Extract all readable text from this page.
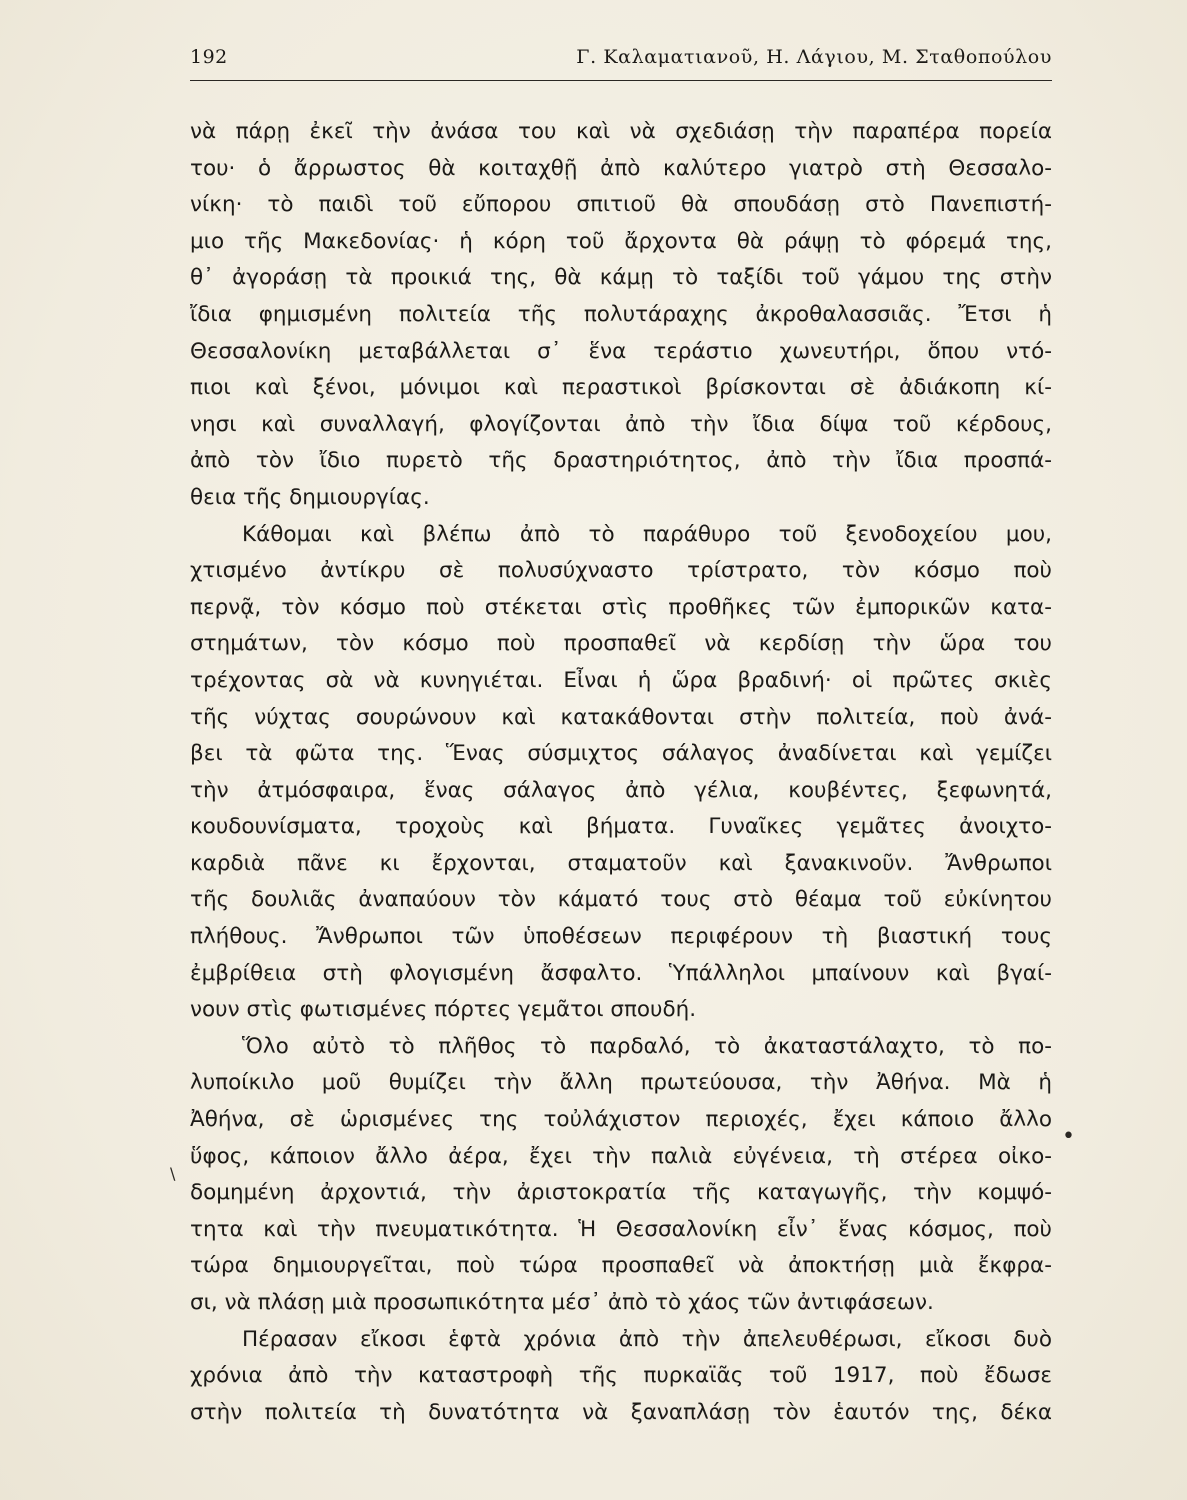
192	Γ. Καλαματιανοῦ, Η. Λάγιου, Μ. Σταθοπούλου
νὰ πάρῃ ἐκεῖ τὴν ἀνάσα του καὶ νὰ σχεδιάσῃ τὴν παραπέρα πορεία
του· ὁ ἄρρωστος θὰ κοιταχθῇ ἀπὸ καλύτερο γιατρὸ στὴ Θεσσαλο-
νίκη· τὸ παιδὶ τοῦ εὔπορου σπιτιοῦ θὰ σπουδάσῃ στὸ Πανεπιστή-
μιο τῆς Μακεδονίας· ἡ κόρη τοῦ ἄρχοντα θὰ ράψῃ τὸ φόρεμά της,
θ᾿ ἀγοράσῃ τὰ προικιά της, θὰ κάμῃ τὸ ταξίδι τοῦ γάμου της στὴν
ἴδια φημισμένη πολιτεία τῆς πολυτάραχης ἀκροθαλασσιᾶς. Ἔτσι ἡ
Θεσσαλονίκη μεταβάλλεται σ᾿ ἕνα τεράστιο χωνευτήρι, ὅπου ντό-
πιοι καὶ ξένοι, μόνιμοι καὶ περαστικοὶ βρίσκονται σὲ ἀδιάκοπη κί-
νησι καὶ συναλλαγή, φλογίζονται ἀπὸ τὴν ἴδια δίψα τοῦ κέρδους,
ἀπὸ τὸν ἴδιο πυρετὸ τῆς δραστηριότητος, ἀπὸ τὴν ἴδια προσπά-
θεια τῆς δημιουργίας.
Κάθομαι καὶ βλέπω ἀπὸ τὸ παράθυρο τοῦ ξενοδοχείου μου,
χτισμένο ἀντίκρυ σὲ πολυσύχναστο τρίστρατο, τὸν κόσμο ποὺ
περνᾷ, τὸν κόσμο ποὺ στέκεται στὶς προθῆκες τῶν ἐμπορικῶν κατα-
στημάτων, τὸν κόσμο ποὺ προσπαθεῖ νὰ κερδίσῃ τὴν ὥρα του
τρέχοντας σὰ νὰ κυνηγιέται. Εἶναι ἡ ὥρα βραδινή· οἱ πρῶτες σκιὲς
τῆς νύχτας σουρώνουν καὶ κατακάθονται στὴν πολιτεία, ποὺ ἀνά-
βει τὰ φῶτα της. Ἕνας σύσμιχτος σάλαγος ἀναδίνεται καὶ γεμίζει
τὴν ἀτμόσφαιρα, ἕνας σάλαγος ἀπὸ γέλια, κουβέντες, ξεφωνητά,
κουδουνίσματα, τροχοὺς καὶ βήματα. Γυναῖκες γεμᾶτες ἀνοιχτο-
καρδιὰ πᾶνε κι ἔρχονται, σταματοῦν καὶ ξανακινοῦν. Ἄνθρωποι
τῆς δουλιᾶς ἀναπαύουν τὸν κάματό τους στὸ θέαμα τοῦ εὐκίνητου
πλήθους. Ἄνθρωποι τῶν ὑποθέσεων περιφέρουν τὴ βιαστική τους
ἐμβρίθεια στὴ φλογισμένη ἄσφαλτο. Ὑπάλληλοι μπαίνουν καὶ βγαί-
νουν στὶς φωτισμένες πόρτες γεμᾶτοι σπουδή.
Ὅλο αὐτὸ τὸ πλῆθος τὸ παρδαλό, τὸ ἀκαταστάλαχτο, τὸ πο-
λυποίκιλο μοῦ θυμίζει τὴν ἄλλη πρωτεύουσα, τὴν Ἀθήνα. Μὰ ἡ
Ἀθήνα, σὲ ὡρισμένες της τοὐλάχιστον περιοχές, ἔχει κάποιο ἄλλο
ὕφος, κάποιον ἄλλο ἀέρα, ἔχει τὴν παλιὰ εὐγένεια, τὴ στέρεα οἰκο-
δομημένη ἀρχοντιά, τὴν ἀριστοκρατία τῆς καταγωγῆς, τὴν κομψό-
τητα καὶ τὴν πνευματικότητα. Ἡ Θεσσαλονίκη εἶν᾿ ἕνας κόσμος, ποὺ
τώρα δημιουργεῖται, ποὺ τώρα προσπαθεῖ νὰ ἀποκτήσῃ μιὰ ἔκφρα-
σι, νὰ πλάσῃ μιὰ προσωπικότητα μέσ᾿ ἀπὸ τὸ χάος τῶν ἀντιφάσεων.
Πέρασαν εἴκοσι ἑφτὰ χρόνια ἀπὸ τὴν ἀπελευθέρωσι, εἴκοσι δυὸ
χρόνια ἀπὸ τὴν καταστροφὴ τῆς πυρκαϊᾶς τοῦ 1917, ποὺ ἔδωσε
στὴν πολιτεία τὴ δυνατότητα νὰ ξαναπλάσῃ τὸν ἑαυτόν της, δέκα
•
\
